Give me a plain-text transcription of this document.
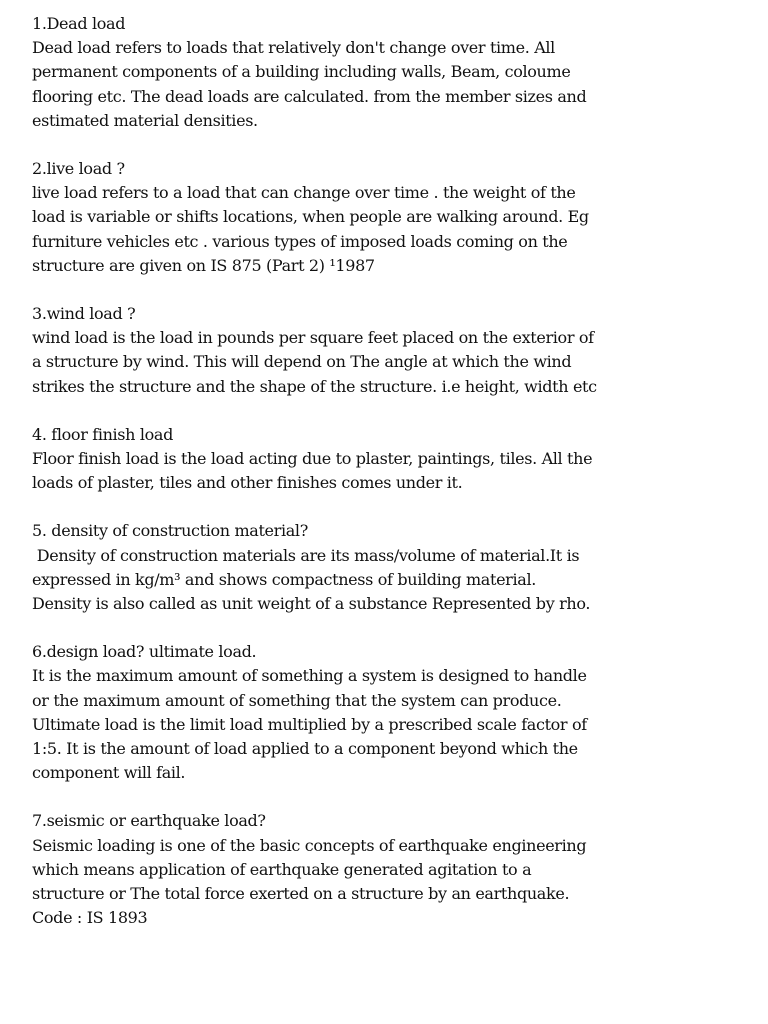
1.Dead load
Dead load refers to loads that relatively don't change over time. All
permanent components of a building including walls, Beam, coloume
flooring etc. The dead loads are calculated. from the member sizes and
estimated material densities.
2.live load ?
live load refers to a load that can change over time . the weight of the
load is variable or shifts locations, when people are walking around. Eg
furniture vehicles etc . various types of imposed loads coming on the
structure are given on IS 875 (Part 2) ¹1987
3.wind load ?
wind load is the load in pounds per square feet placed on the exterior of
a structure by wind. This will depend on The angle at which the wind
strikes the structure and the shape of the structure. i.e height, width etc
4. floor finish load
Floor finish load is the load acting due to plaster, paintings, tiles. All the
loads of plaster, tiles and other finishes comes under it.
5. density of construction material?
Density of construction materials are its mass/volume of material.It is
expressed in kg/m³ and shows compactness of building material.
Density is also called as unit weight of a substance Represented by rho.
6.design load? ultimate load.
It is the maximum amount of something a system is designed to handle
or the maximum amount of something that the system can produce.
Ultimate load is the limit load multiplied by a prescribed scale factor of
1:5. It is the amount of load applied to a component beyond which the
component will fail.
7.seismic or earthquake load?
Seismic loading is one of the basic concepts of earthquake engineering
which means application of earthquake generated agitation to a
structure or The total force exerted on a structure by an earthquake.
Code : IS 1893
